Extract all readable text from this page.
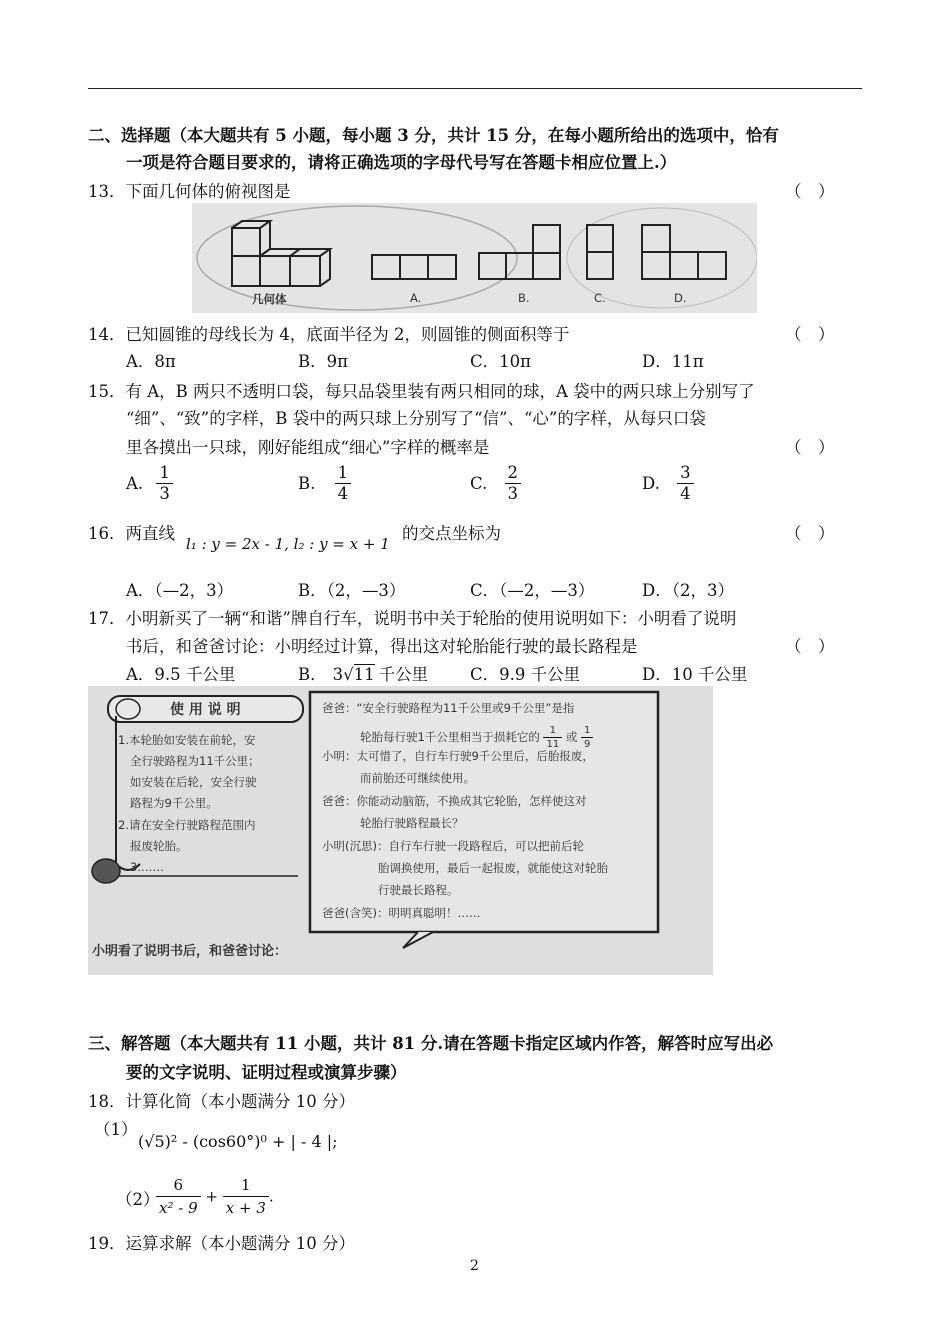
二、选择题（本大题共有 5 小题，每小题 3 分，共计 15 分，在每小题所给出的选项中，恰有
一项是符合题目要求的，请将正确选项的字母代号写在答题卡相应位置上.）
13．下面几何体的俯视图是	（　）
几何体	A.	B.	C.	D.
14．已知圆锥的母线长为 4，底面半径为 2，则圆锥的侧面积等于	（　）
A．8π	B．9π	C．10π	D．11π
15．有 A，B 两只不透明口袋，每只品袋里装有两只相同的球，A 袋中的两只球上分别写了
“细”、“致”的字样，B 袋中的两只球上分别写了“信”、“心”的字样，从每只口袋
里各摸出一只球，刚好能组成“细心”字样的概率是	（　）
A. $\frac{1}{3}$	B. $\frac{1}{4}$	C. $\frac{2}{3}$	D. $\frac{3}{4}$
16．两直线
l₁ : y = 2x - 1, l₂ : y = x + 1
的交点坐标为	（　）
A．（—2，3）	B．（2，—3）	C．（—2，—3）	D．（2，3）
17．小明新买了一辆“和谐”牌自行车，说明书中关于轮胎的使用说明如下：小明看了说明
书后，和爸爸讨论：小明经过计算，得出这对轮胎能行驶的最长路程是	（　）
A．9.5 千公里	B． 3√11 千公里	C．9.9 千公里	D．10 千公里
使 用 说 明
1.本轮胎如安装在前轮，安
全行驶路程为11千公里；
如安装在后轮，安全行驶
路程为9千公里。
2.请在安全行驶路程范围内
报废轮胎。
3.……
爸爸：“安全行驶路程为11千公里或9千公里”是指
轮胎每行驶1千公里相当于损耗它的 $\frac{1}{11}$ 或 $\frac{1}{9}$
小明：太可惜了，自行车行驶9千公里后，后胎报废，
而前胎还可继续使用。
爸爸：你能动动脑筋，不换成其它轮胎，怎样使这对
轮胎行驶路程最长？
小明(沉思)：自行车行驶一段路程后，可以把前后轮
胎调换使用，最后一起报废，就能使这对轮胎
行驶最长路程。
爸爸(含笑)：明明真聪明！……
小明看了说明书后，和爸爸讨论：
三、解答题（本大题共有 11 小题，共计 81 分.请在答题卡指定区域内作答，解答时应写出必
要的文字说明、证明过程或演算步骤）
18．计算化简（本小题满分 10 分）
（1）
(√5)² - (cos60°)⁰ + | - 4 |;
（2）
$\frac{6}{\text{x² - 9}} + \frac{1}{x + 3}$ .
19．运算求解（本小题满分 10 分）
2
